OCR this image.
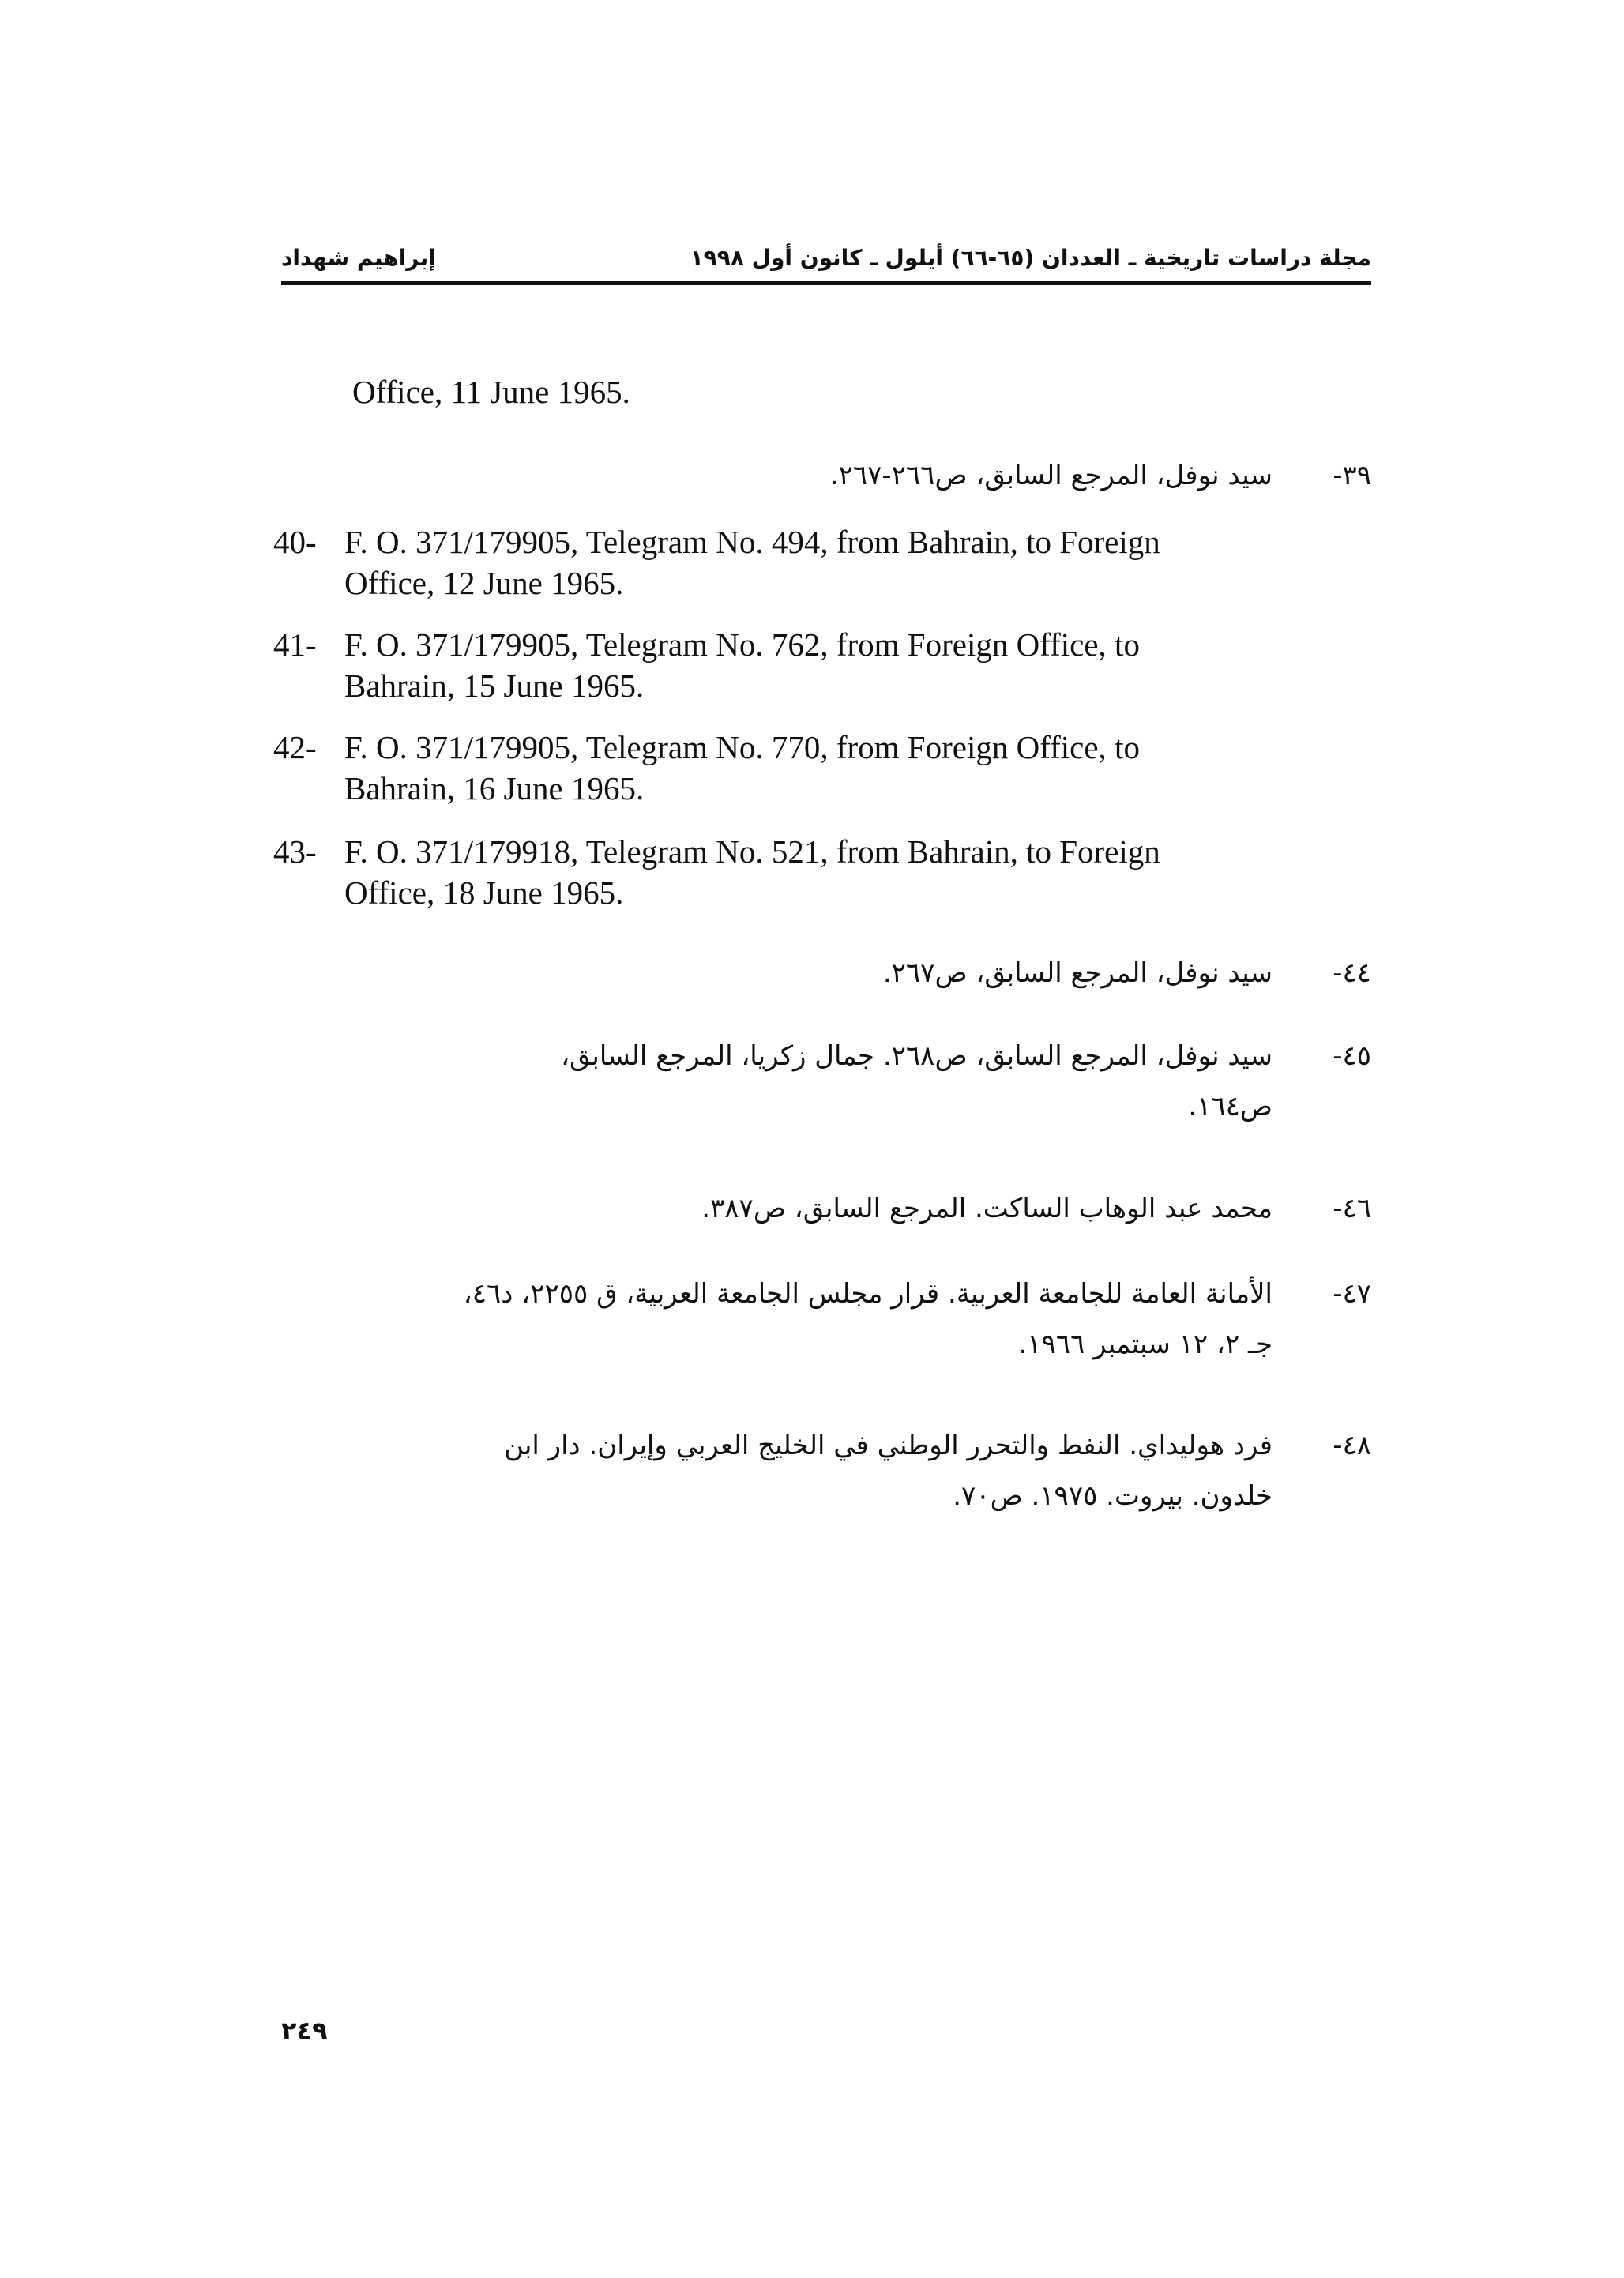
مجلة دراسات تاريخية ـ العددان (٦٥-٦٦) أيلول ـ كانون أول ١٩٩٨
إبراهيم شهداد
Office, 11 June 1965.
٣٩-
سيد نوفل، المرجع السابق، ص٢٦٦-٢٦٧.
40- F. O. 371/179905, Telegram No. 494, from Bahrain, to Foreign
Office, 12 June 1965.
41- F. O. 371/179905, Telegram No. 762, from Foreign Office, to
Bahrain, 15 June 1965.
42- F. O. 371/179905, Telegram No. 770, from Foreign Office, to
Bahrain, 16 June 1965.
43- F. O. 371/179918, Telegram No. 521, from Bahrain, to Foreign
Office, 18 June 1965.
٤٤-
سيد نوفل، المرجع السابق، ص٢٦٧.
٤٥-
سيد نوفل، المرجع السابق، ص٢٦٨. جمال زكريا، المرجع السابق،
ص١٦٤.
٤٦-
محمد عبد الوهاب الساكت. المرجع السابق، ص٣٨٧.
٤٧-
الأمانة العامة للجامعة العربية. قرار مجلس الجامعة العربية، ق ٢٢٥٥، د٤٦،
جـ ٢، ١٢ سبتمبر ١٩٦٦.
٤٨-
فرد هوليداي. النفط والتحرر الوطني في الخليج العربي وإيران. دار ابن
خلدون. بيروت. ١٩٧٥. ص٧٠.
٢٤٩
